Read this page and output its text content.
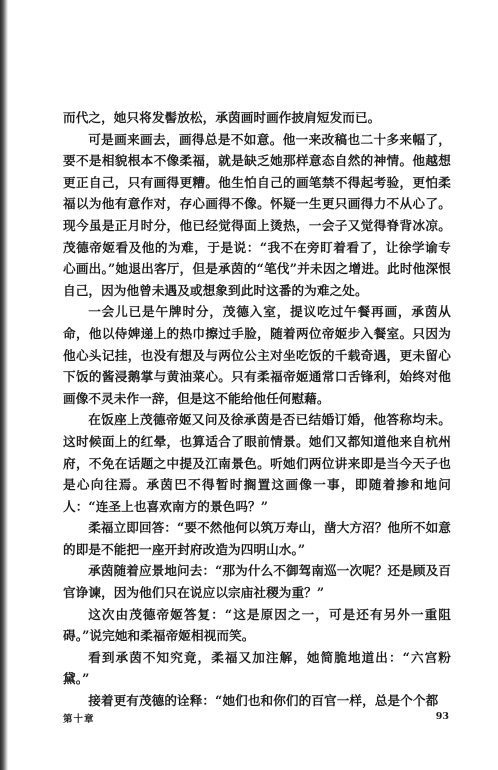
而代之，她只将发髻放松，承茵画时画作披肩短发而已。

可是画来画去，画得总是不如意。他一来改稿也二十多来幅了，要不是相貌根本不像柔福，就是缺乏她那样意态自然的神情。他越想更正自己，只有画得更糟。他生怕自己的画笔禁不得起考验，更怕柔福以为他有意作对，存心画得不像。怀疑一生更只画得力不从心了。现今虽是正月时分，他已经觉得面上烫热，一会子又觉得脊背冰凉。茂德帝姬看及他的为难，于是说：“我不在旁盯着看了，让徐学谕专心画出。”她退出客厅，但是承茵的“笔伐”并未因之增进。此时他深恨自己，因为他曾未遇及或想象到此时这番的为难之处。

一会儿已是午牌时分，茂德入室，提议吃过午餐再画，承茵从命，他以侍婢递上的热巾擦过手脸，随着两位帝姬步入餐室。只因为他心头记挂，也没有想及与两位公主对坐吃饭的千载奇遇，更未留心下饭的酱浸鹅掌与黄油菜心。只有柔福帝姬通常口舌锋利，始终对他画像不灵未作一辞，但是这不能给他任何慰藉。

在饭座上茂德帝姬又问及徐承茵是否已结婚订婚，他答称均未。这时候面上的红晕，也算适合了眼前情景。她们又都知道他来自杭州府，不免在话题之中提及江南景色。听她们两位讲来即是当今天子也是心向往焉。承茵巴不得暂时搁置这画像一事，即随着掺和地问人：“连圣上也喜欢南方的景色吗？”

柔福立即回答：“要不然他何以筑万寿山，凿大方沼？他所不如意的即是不能把一座开封府改造为四明山水。”

承茵随着应景地问去：“那为什么不御驾南巡一次呢？还是顾及百官诤谏，因为他们只在说应以宗庙社稷为重？”

这次由茂德帝姬答复：“这是原因之一，可是还有另外一重阻碍。”说完她和柔福帝姬相视而笑。

看到承茵不知究竟，柔福又加注解，她简脆地道出：“六宫粉黛。”

接着更有茂德的诠释：“她们也和你们的百官一样，总是个个都

第十章	93
